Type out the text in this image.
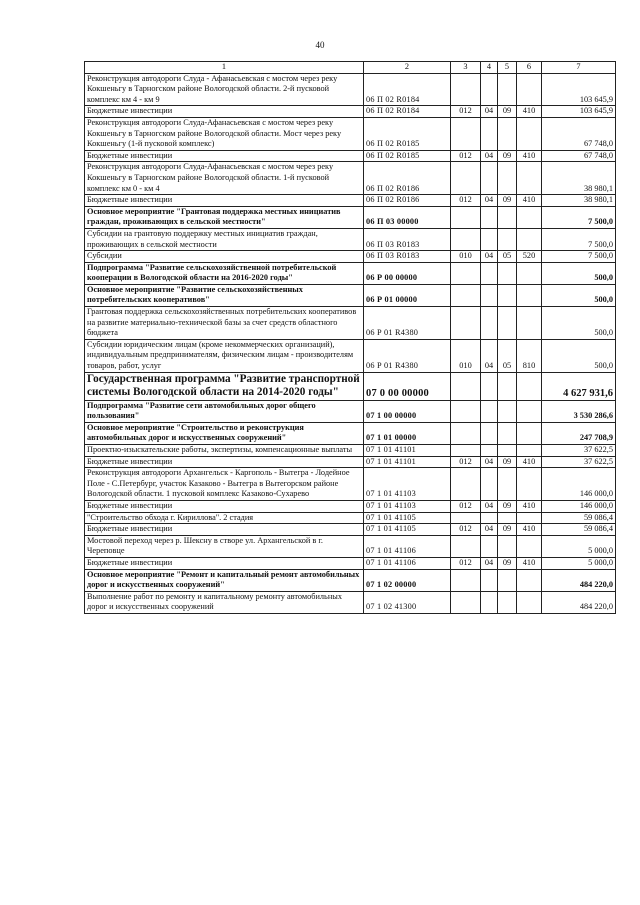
40
1	2	3	4	5	6	7
Реконструкция автодороги Слуда - Афанасьевская с мостом через реку Кокшеньгу в Тарногском районе Вологодской области. 2-й пусковой комплекс км 4 - км 9	06 П 02 R0184					103 645,9
Бюджетные инвестиции	06 П 02 R0184	012	04	09	410	103 645,9
Реконструкция автодороги Слуда-Афанасьевская с мостом через реку Кокшеньгу в Тарногском районе Вологодской области. Мост через реку Кокшеньгу (1-й пусковой комплекс)	06 П 02 R0185					67 748,0
Бюджетные инвестиции	06 П 02 R0185	012	04	09	410	67 748,0
Реконструкция автодороги Слуда-Афанасьевская с мостом через реку Кокшеньгу в Тарногском районе Вологодской области. 1-й пусковой комплекс км 0 - км 4	06 П 02 R0186					38 980,1
Бюджетные инвестиции	06 П 02 R0186	012	04	09	410	38 980,1
Основное мероприятие "Грантовая поддержка местных инициатив граждан, проживающих в сельской местности"	06 П 03 00000					7 500,0
Субсидии на грантовую поддержку местных инициатив граждан, проживающих в сельской местности	06 П 03 R0183					7 500,0
Субсидии	06 П 03 R0183	010	04	05	520	7 500,0
Подпрограмма "Развитие сельскохозяйственной потребительской кооперации в Вологодской области на 2016-2020 годы"	06 Р 00 00000					500,0
Основное мероприятие "Развитие сельскохозяйственных потребительских кооперативов"	06 Р 01 00000					500,0
Грантовая поддержка сельскохозяйственных потребительских кооперативов на развитие материально-технической базы за счет средств областного бюджета	06 Р 01 R4380					500,0
Субсидии юридическим лицам (кроме некоммерческих организаций), индивидуальным предпринимателям, физическим лицам - производителям товаров, работ, услуг	06 Р 01 R4380	010	04	05	810	500,0
Государственная программа "Развитие транспортной системы Вологодской области на 2014-2020 годы"	07 0 00 00000					4 627 931,6
Подпрограмма "Развитие сети автомобильных дорог общего пользования"	07 1 00 00000					3 530 286,6
Основное мероприятие "Строительство и реконструкция автомобильных дорог и искусственных сооружений"	07 1 01 00000					247 708,9
Проектно-изыскательские работы, экспертизы, компенсационные выплаты	07 1 01 41101					37 622,5
Бюджетные инвестиции	07 1 01 41101	012	04	09	410	37 622,5
Реконструкция автодороги Архангельск - Каргополь - Вытегра - Лодейное Поле - С.Петербург, участок Казаково - Вытегра в Вытегорском районе Вологодской области. 1 пусковой комплекс Казаково-Сухарево	07 1 01 41103					146 000,0
Бюджетные инвестиции	07 1 01 41103	012	04	09	410	146 000,0
"Строительство обхода г. Кириллова". 2 стадия	07 1 01 41105					59 086,4
Бюджетные инвестиции	07 1 01 41105	012	04	09	410	59 086,4
Мостовой переход через р. Шексну в створе ул. Архангельской в г. Череповце	07 1 01 41106					5 000,0
Бюджетные инвестиции	07 1 01 41106	012	04	09	410	5 000,0
Основное мероприятие "Ремонт и капитальный ремонт автомобильных дорог и искусственных сооружений"	07 1 02 00000					484 220,0
Выполнение работ по ремонту и капитальному ремонту автомобильных дорог и искусственных сооружений	07 1 02 41300					484 220,0
